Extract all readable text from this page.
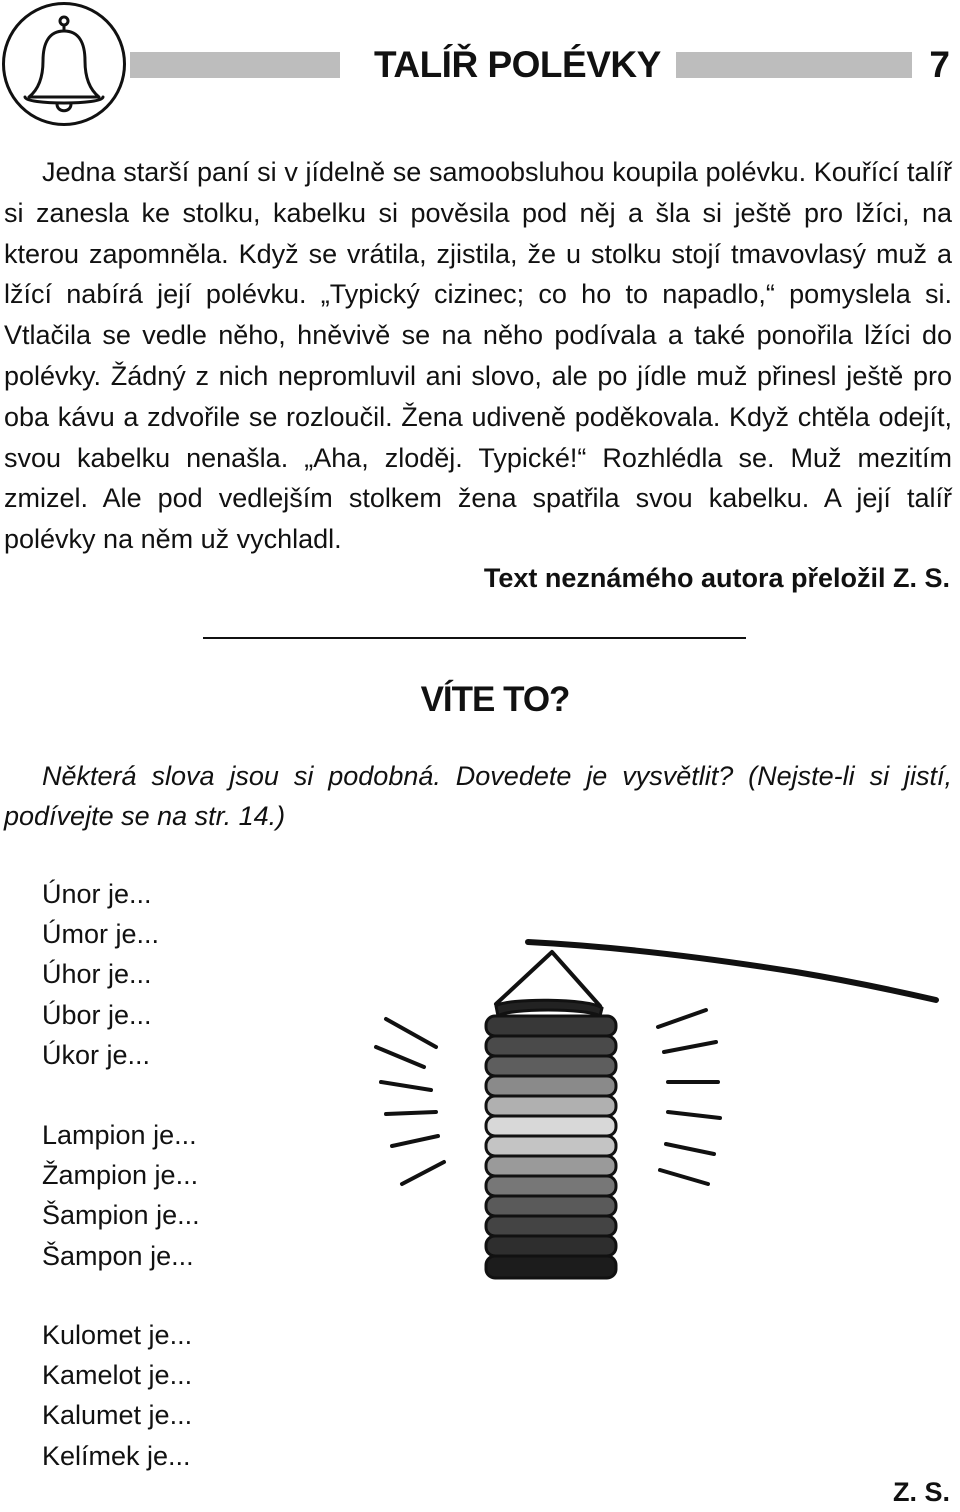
TALÍŘ POLÉVKY	7
Jedna starší paní si v jídelně se samoobsluhou koupila polévku. Kouřící talíř si zanesla ke stolku, kabelku si pověsila pod něj a šla si ještě pro lžíci, na kterou zapomněla. Když se vrátila, zjistila, že u stolku stojí tmavovlasý muž a lžící nabírá její polévku. „Typický cizinec; co ho to napadlo,“ pomyslela si. Vtlačila se vedle něho, hněvivě se na něho podívala a také ponořila lžíci do polévky. Žádný z nich nepromluvil ani slovo, ale po jídle muž přinesl ještě pro oba kávu a zdvořile se rozloučil. Žena udiveně poděkovala. Když chtěla odejít, svou kabelku nenašla. „Aha, zloděj. Typické!“ Rozhlédla se. Muž mezitím zmizel. Ale pod vedlejším stolkem žena spatřila svou kabelku. A její talíř polévky na něm už vychladl.
Text neznámého autora přeložil Z. S.
VÍTE TO?
Některá slova jsou si podobná. Dovedete je vysvětlit? (Nejste-li si jistí, podívejte se na str. 14.)
Únor je...
Úmor je...
Úhor je...
Úbor je...
Úkor je...
Lampion je...
Žampion je...
Šampion je...
Šampon je...
Kulomet je...
Kamelot je...
Kalumet je...
Kelímek je...
Z. S.
